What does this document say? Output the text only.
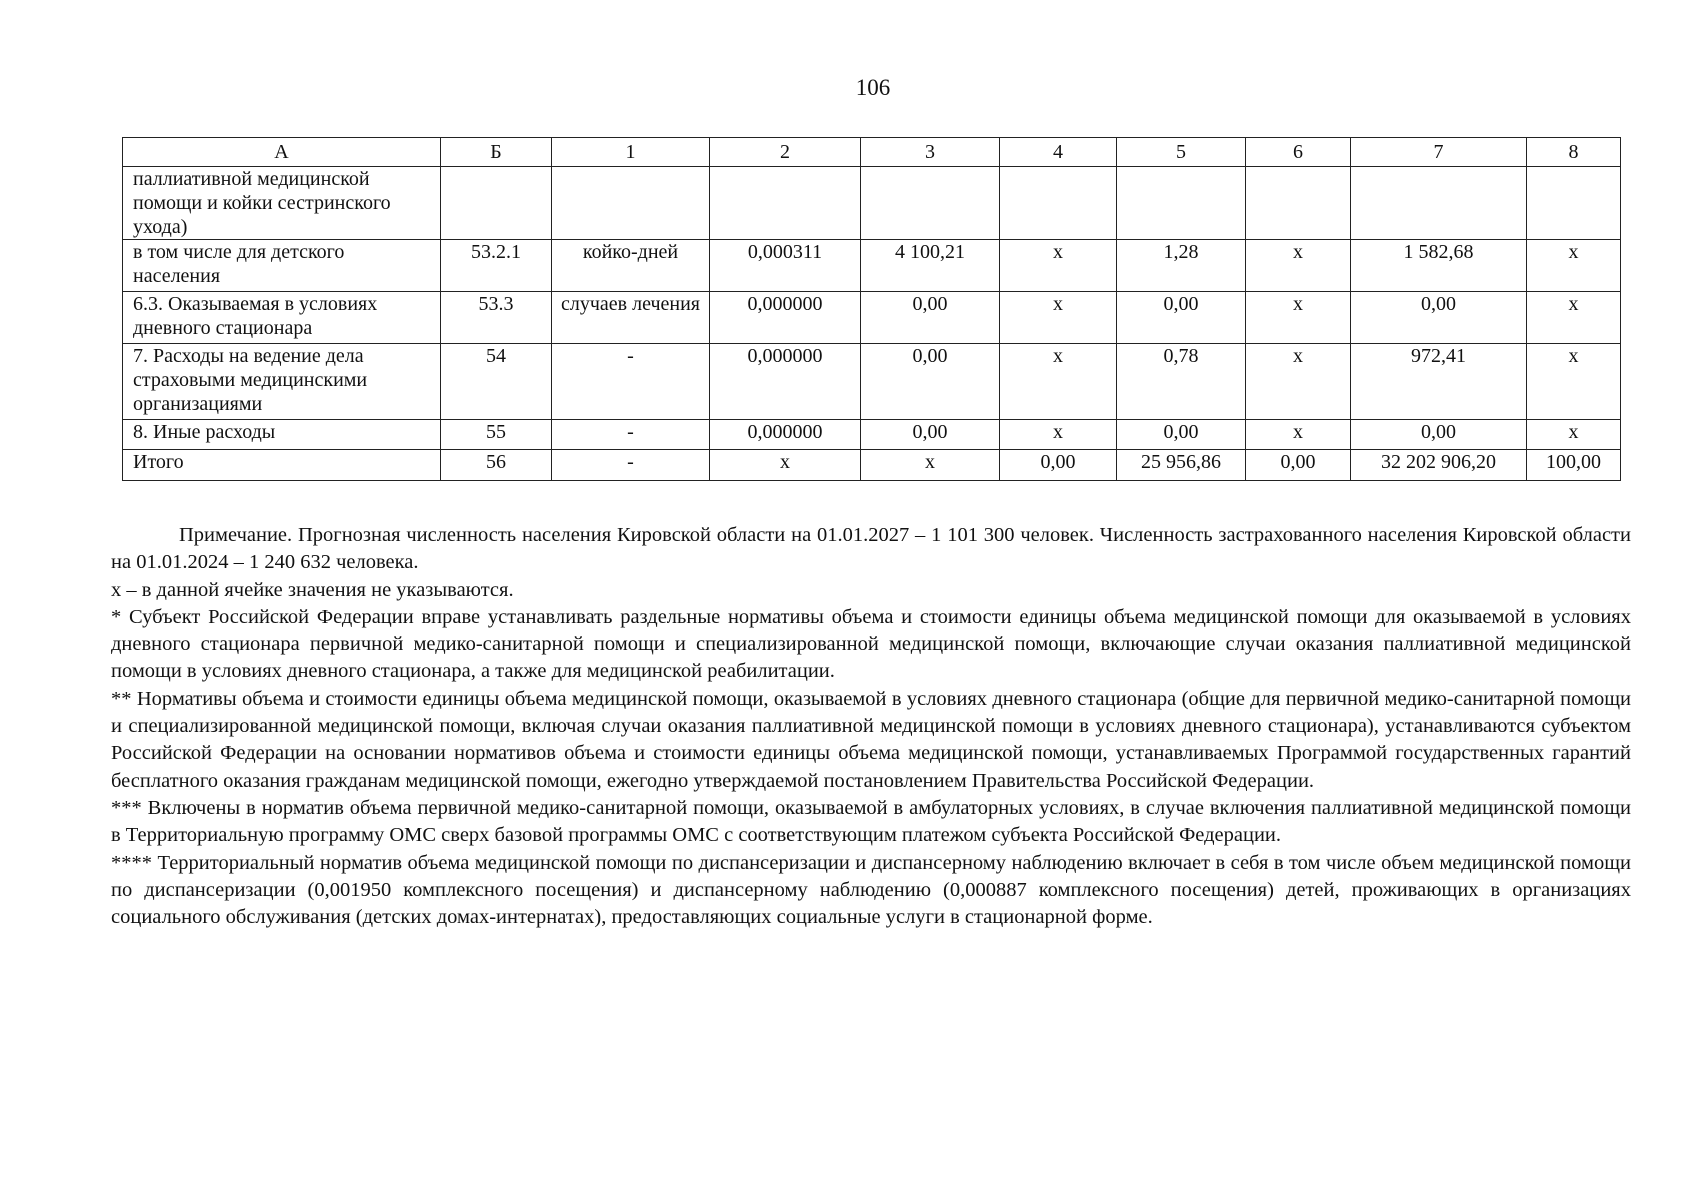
106
А	Б	1	2	3	4	5	6	7	8
паллиативной медицинской помощи и койки сестринского ухода)									
в том числе для детского населения	53.2.1	койко-дней	0,000311	4 100,21	x	1,28	x	1 582,68	x
6.3. Оказываемая в условиях дневного стационара	53.3	случаев лечения	0,000000	0,00	x	0,00	x	0,00	x
7. Расходы на ведение дела страховыми медицинскими организациями	54	-	0,000000	0,00	x	0,78	x	972,41	x
8. Иные расходы	55	-	0,000000	0,00	x	0,00	x	0,00	x
Итого	56	-	x	x	0,00	25 956,86	0,00	32 202 906,20	100,00

Примечание. Прогнозная численность населения Кировской области на 01.01.2027 – 1 101 300 человек. Численность застрахованного населения Кировской области на 01.01.2024 – 1 240 632 человека.

x – в данной ячейке значения не указываются.

* Субъект Российской Федерации вправе устанавливать раздельные нормативы объема и стоимости единицы объема медицинской помощи для оказываемой в условиях дневного стационара первичной медико-санитарной помощи и специализированной медицинской помощи, включающие случаи оказания паллиативной медицинской помощи в условиях дневного стационара, а также для медицинской реабилитации.

** Нормативы объема и стоимости единицы объема медицинской помощи, оказываемой в условиях дневного стационара (общие для первичной медико-санитарной помощи и специализированной медицинской помощи, включая случаи оказания паллиативной медицинской помощи в условиях дневного стационара), устанавливаются субъектом Российской Федерации на основании нормативов объема и стоимости единицы объема медицинской помощи, устанавливаемых Программой государственных гарантий бесплатного оказания гражданам медицинской помощи, ежегодно утверждаемой постановлением Правительства Российской Федерации.

*** Включены в норматив объема первичной медико-санитарной помощи, оказываемой в амбулаторных условиях, в случае включения паллиативной медицинской помощи в Территориальную программу ОМС сверх базовой программы ОМС с соответствующим платежом субъекта Российской Федерации.

**** Территориальный норматив объема медицинской помощи по диспансеризации и диспансерному наблюдению включает в себя в том числе объем медицинской помощи по диспансеризации (0,001950 комплексного посещения) и диспансерному наблюдению (0,000887 комплексного посещения) детей, проживающих в организациях социального обслуживания (детских домах-интернатах), предоставляющих социальные услуги в стационарной форме.
